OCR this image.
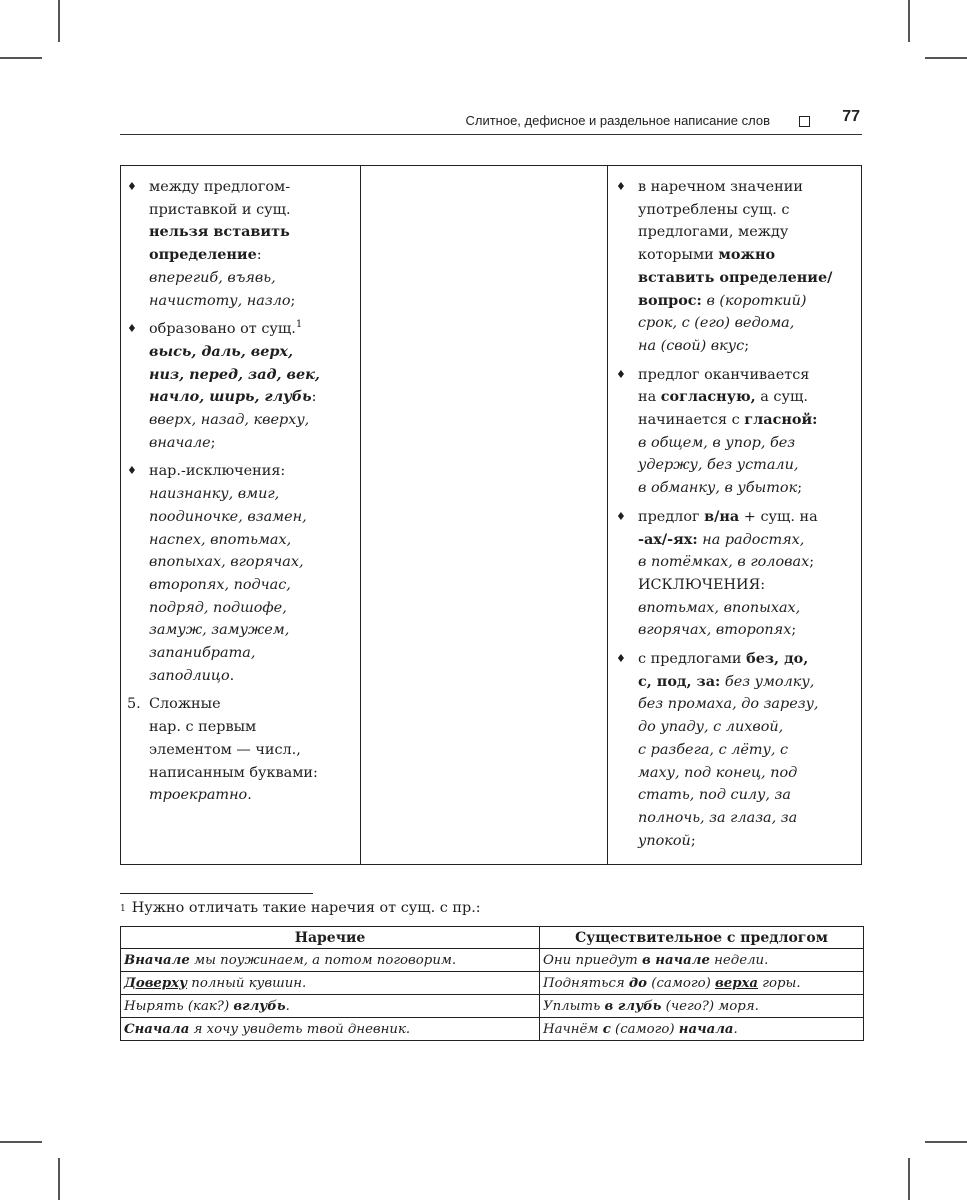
Слитное, дефисное и раздельное написание слов	77
♦ между предлогом-
приставкой и сущ.
нельзя вставить
определение:
вперегиб, въявь,
начистоту, назло;
♦ образовано от сущ.$^1$
высь, даль, верх,
низ, перед, зад, век,
начло, ширь, глубь:
вверх, назад, кверху,
вначале;
♦ нар.-исключения:
наизнанку, вмиг,
поодиночке, взамен,
наспех, впотьмах,
впопыхах, вгорячах,
второпях, подчас,
подряд, подшофе,
замуж, замужем,
запанибрата,
заподлицо.
5. Сложные
нар. с первым
элементом — числ.,
написанным буквами:
троекратно.
♦ в наречном значении
употреблены сущ. с
предлогами, между
которыми можно
вставить определение/
вопрос: в (короткий)
срок, с (его) ведома,
на (свой) вкус;
♦ предлог оканчивается
на согласную, а сущ.
начинается с гласной:
в общем, в упор, без
удержу, без устали,
в обманку, в убыток;
♦ предлог в/на + сущ. на
-ах/-ях: на радостях,
в потёмках, в головах;
ИСКЛЮЧЕНИЯ:
впотьмах, впопыхах,
вгорячах, второпях;
♦ с предлогами без, до,
с, под, за: без умолку,
без промаха, до зарезу,
до упаду, с лихвой,
с разбега, с лёту, с
маху, под конец, под
стать, под силу, за
полночь, за глаза, за
упокой;
$^1$ Нужно отличать такие наречия от сущ. с пр.:
Наречие	Существительное с предлогом
Вначале мы поужинаем, а потом поговорим.	Они приедут в начале недели.
Доверху полный кувшин.	Подняться до (самого) верха горы.
Нырять (как?) вглубь.	Уплыть в глубь (чего?) моря.
Сначала я хочу увидеть твой дневник.	Начнём с (самого) начала.
